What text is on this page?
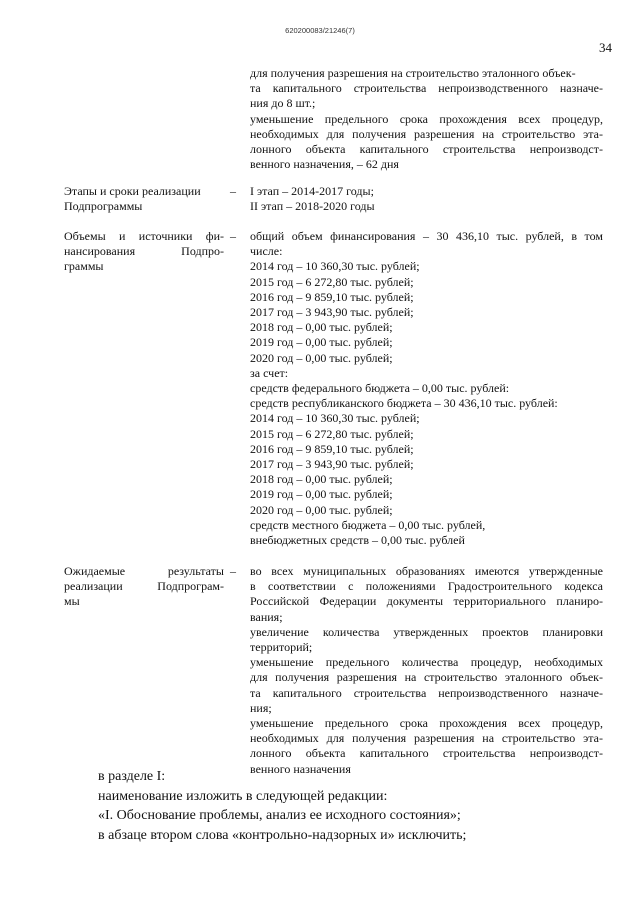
620200083/21246(7)
34
для получения разрешения на строительство эталонного объек-
та капитального строительства непроизводственного назначе-
ния до 8 шт.;
уменьшение предельного срока прохождения всех процедур,
необходимых для получения разрешения на строительство эта-
лонного объекта капитального строительства непроизводст-
венного назначения, – 62 дня
Этапы и сроки реализации
Подпрограммы
– I этап – 2014-2017 годы;
II этап – 2018-2020 годы
Объемы и источники фи-
нансирования Подпро-
граммы
– общий объем финансирования – 30 436,10 тыс. рублей, в том
числе:
2014 год – 10 360,30 тыс. рублей;
2015 год – 6 272,80 тыс. рублей;
2016 год – 9 859,10 тыс. рублей;
2017 год – 3 943,90 тыс. рублей;
2018 год – 0,00 тыс. рублей;
2019 год – 0,00 тыс. рублей;
2020 год – 0,00 тыс. рублей;
за счет:
средств федерального бюджета – 0,00 тыс. рублей:
средств республиканского бюджета – 30 436,10 тыс. рублей:
2014 год – 10 360,30 тыс. рублей;
2015 год – 6 272,80 тыс. рублей;
2016 год – 9 859,10 тыс. рублей;
2017 год – 3 943,90 тыс. рублей;
2018 год – 0,00 тыс. рублей;
2019 год – 0,00 тыс. рублей;
2020 год – 0,00 тыс. рублей;
средств местного бюджета – 0,00 тыс. рублей,
внебюджетных средств – 0,00 тыс. рублей
Ожидаемые результаты
реализации Подпрограм-
мы
– во всех муниципальных образованиях имеются утвержденные
в соответствии с положениями Градостроительного кодекса
Российской Федерации документы территориального планиро-
вания;
увеличение количества утвержденных проектов планировки
территорий;
уменьшение предельного количества процедур, необходимых
для получения разрешения на строительство эталонного объек-
та капитального строительства непроизводственного назначе-
ния;
уменьшение предельного срока прохождения всех процедур,
необходимых для получения разрешения на строительство эта-
лонного объекта капитального строительства непроизводст-
венного назначения
в разделе I:
наименование изложить в следующей редакции:
«I. Обоснование проблемы, анализ ее исходного состояния»;
в абзаце втором слова «контрольно-надзорных и» исключить;
